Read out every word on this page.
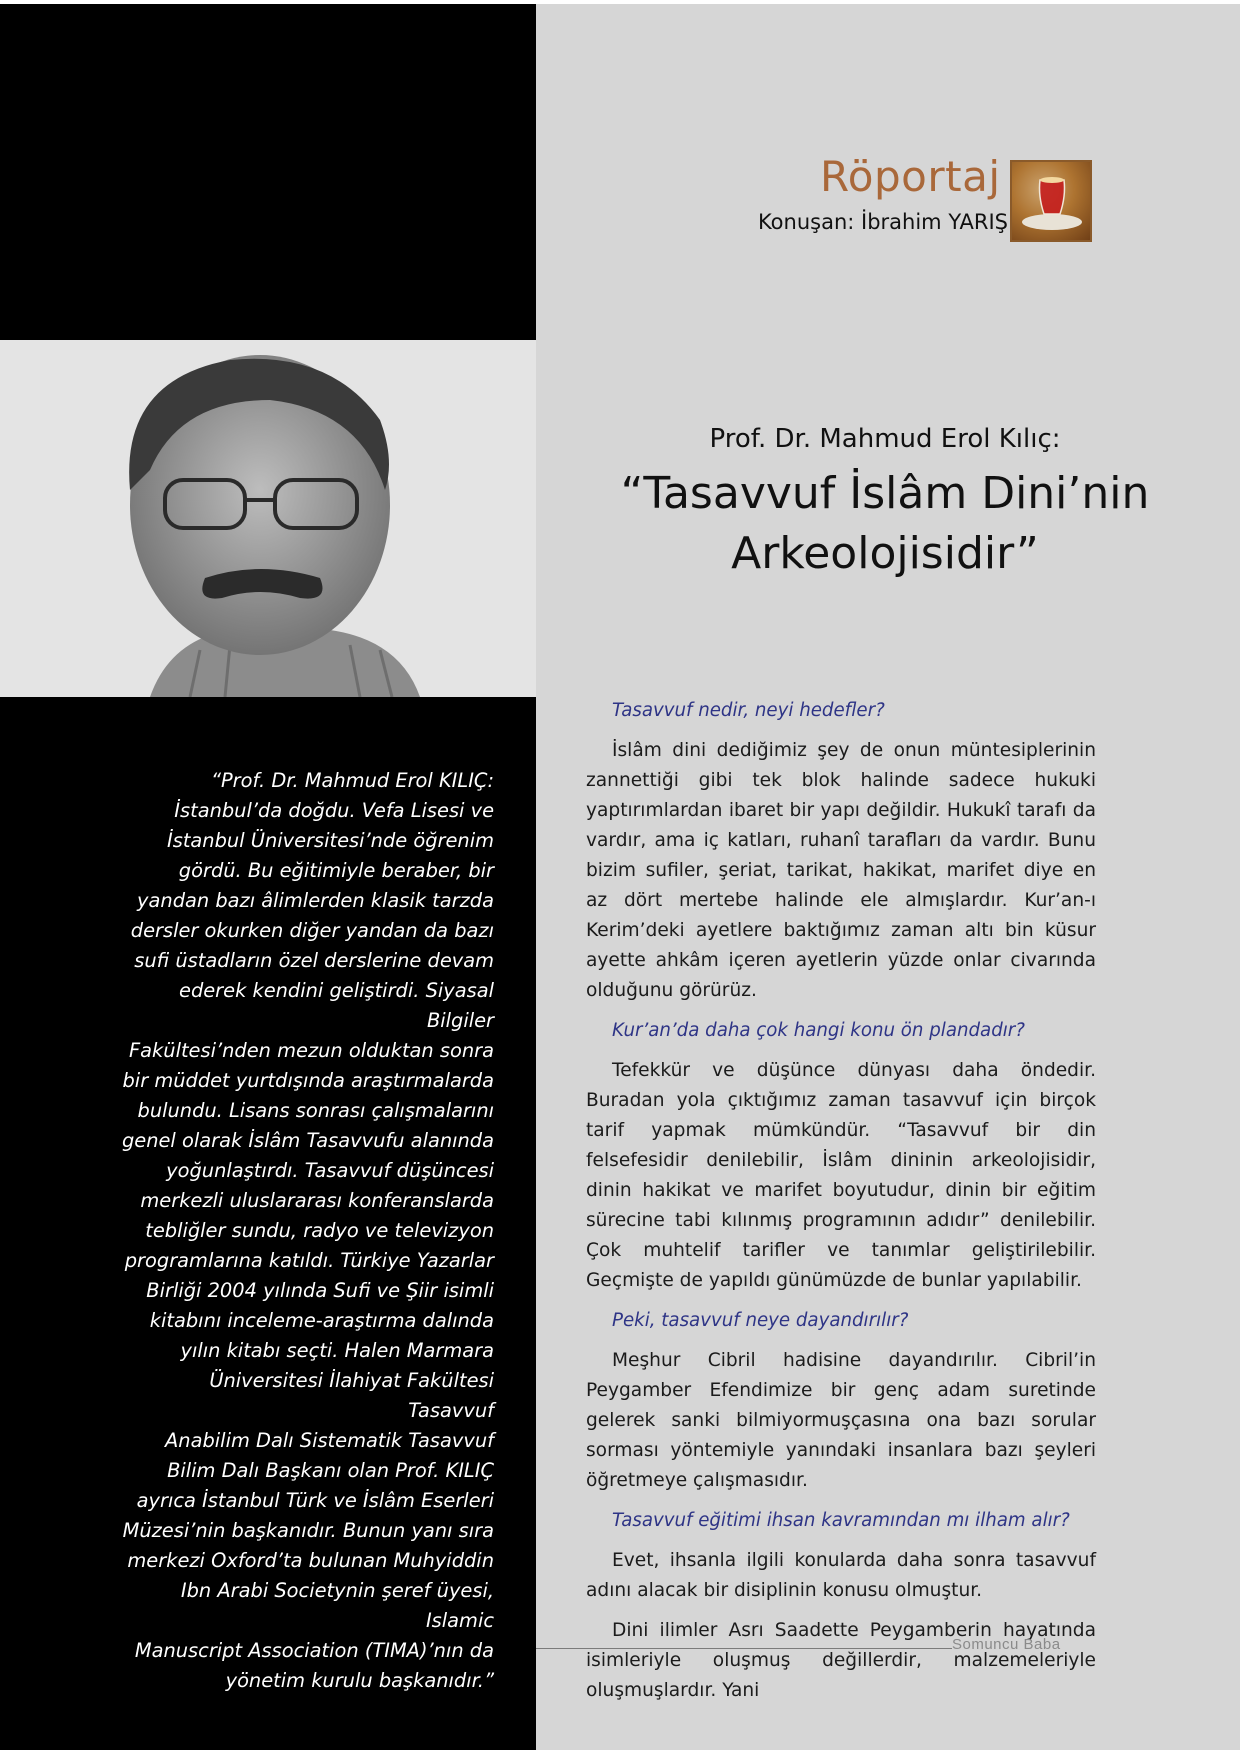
Röportaj
Konuşan: İbrahim YARIŞ
Prof. Dr. Mahmud Erol Kılıç:
“Tasavvuf İslâm Dini’nin
Arkeolojisidir”
“Prof. Dr. Mahmud Erol KILIÇ:
İstanbul’da doğdu. Vefa Lisesi ve
İstanbul Üniversitesi’nde öğrenim
gördü. Bu eğitimiyle beraber, bir
yandan bazı âlimlerden klasik tarzda
dersler okurken diğer yandan da bazı
sufi üstadların özel derslerine devam
ederek kendini geliştirdi. Siyasal Bilgiler
Fakültesi’nden mezun olduktan sonra
bir müddet yurtdışında araştırmalarda
bulundu. Lisans sonrası çalışmalarını
genel olarak İslâm Tasavvufu alanında
yoğunlaştırdı. Tasavvuf düşüncesi
merkezli uluslararası konferanslarda
tebliğler sundu, radyo ve televizyon
programlarına katıldı. Türkiye Yazarlar
Birliği 2004 yılında Sufi ve Şiir isimli
kitabını inceleme-araştırma dalında
yılın kitabı seçti. Halen Marmara
Üniversitesi İlahiyat Fakültesi Tasavvuf
Anabilim Dalı Sistematik Tasavvuf
Bilim Dalı Başkanı olan Prof. KILIÇ
ayrıca İstanbul Türk ve İslâm Eserleri
Müzesi’nin başkanıdır. Bunun yanı sıra
merkezi Oxford’ta bulunan Muhyiddin
Ibn Arabi Societynin şeref üyesi, Islamic
Manuscript Association (TIMA)’nın da
yönetim kurulu başkanıdır.”

Tasavvuf nedir, neyi hedefler?

İslâm dini dediğimiz şey de onun müntesiplerinin zannettiği gibi tek blok halinde sadece hukuki yaptırımlardan ibaret bir yapı değildir. Hukukî tarafı da vardır, ama iç katları, ruhanî tarafları da vardır. Bunu bizim sufiler, şeriat, tarikat, hakikat, marifet diye en az dört mertebe halinde ele almışlardır. Kur’an-ı Kerim’deki ayetlere baktığımız zaman altı bin küsur ayette ahkâm içeren ayetlerin yüzde onlar civarında olduğunu görürüz.

Kur’an’da daha çok hangi konu ön plandadır?

Tefekkür ve düşünce dünyası daha öndedir. Buradan yola çıktığımız zaman tasavvuf için birçok tarif yapmak mümkündür. “Tasavvuf bir din felsefesidir denilebilir, İslâm dininin arkeolojisidir, dinin hakikat ve marifet boyutudur, dinin bir eğitim sürecine tabi kılınmış programının adıdır” denilebilir. Çok muhtelif tarifler ve tanımlar geliştirilebilir. Geçmişte de yapıldı günümüzde de bunlar yapılabilir.

Peki, tasavvuf neye dayandırılır?

Meşhur Cibril hadisine dayandırılır. Cibril’in Peygamber Efendimize bir genç adam suretinde gelerek sanki bilmiyormuşçasına ona bazı sorular sorması yöntemiyle yanındaki insanlara bazı şeyleri öğretmeye çalışmasıdır.

Tasavvuf eğitimi ihsan kavramından mı ilham alır?

Evet, ihsanla ilgili konularda daha sonra tasavvuf adını alacak bir disiplinin konusu olmuştur.

Dini ilimler Asrı Saadette Peygamberin hayatında isimleriyle oluşmuş değillerdir, malzemeleriyle oluşmuşlardır. Yani

Somuncu Baba
